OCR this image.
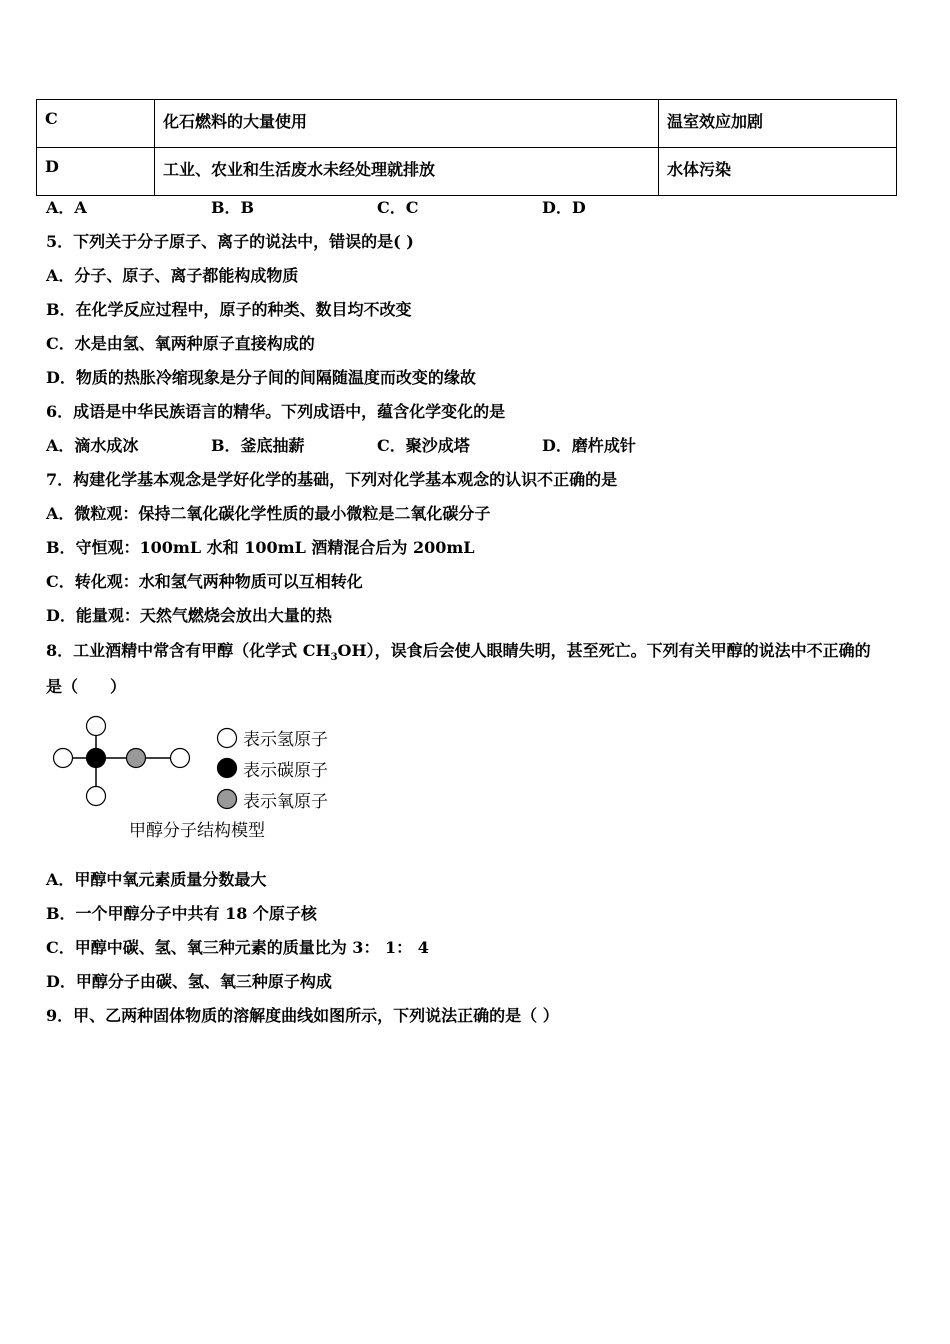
C	化石燃料的大量使用	温室效应加剧
D	工业、农业和生活废水未经处理就排放	水体污染
A．A	B．B	C．C	D．D
5．下列关于分子原子、离子的说法中，错误的是( )
A．分子、原子、离子都能构成物质
B．在化学反应过程中，原子的种类、数目均不改变
C．水是由氢、氧两种原子直接构成的
D．物质的热胀冷缩现象是分子间的间隔随温度而改变的缘故
6．成语是中华民族语言的精华。下列成语中，蕴含化学变化的是
A．滴水成冰	B．釜底抽薪	C．聚沙成塔	D．磨杵成针
7．构建化学基本观念是学好化学的基础，下列对化学基本观念的认识不正确的是
A．微粒观：保持二氧化碳化学性质的最小微粒是二氧化碳分子
B．守恒观：100mL 水和 100mL 酒精混合后为 200mL
C．转化观：水和氢气两种物质可以互相转化
D．能量观：天然气燃烧会放出大量的热
8．工业酒精中常含有甲醇（化学式 $CH_3OH$），误食后会使人眼睛失明，甚至死亡。下列有关甲醇的说法中不正确的
是（　　）
表示氢原子
表示碳原子
表示氧原子
甲醇分子结构模型
A．甲醇中氧元素质量分数最大
B．一个甲醇分子中共有 18 个原子核
C．甲醇中碳、氢、氧三种元素的质量比为 3： 1： 4
D．甲醇分子由碳、氢、氧三种原子构成
9．甲、乙两种固体物质的溶解度曲线如图所示，下列说法正确的是（ ）
